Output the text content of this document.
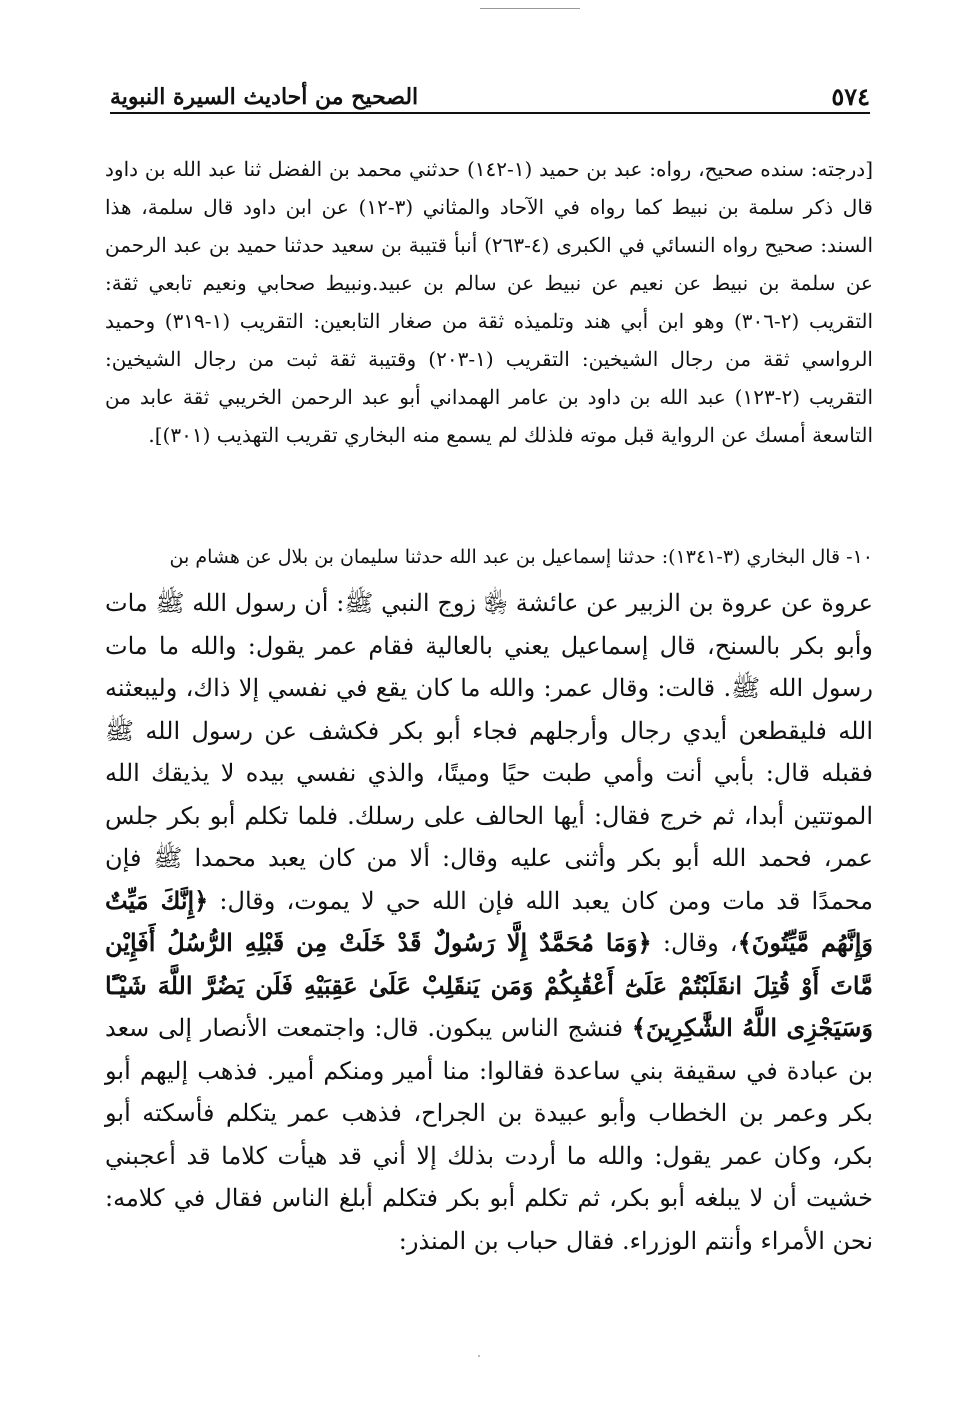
٥٧٤
الصحيح من أحاديث السيرة النبوية

[درجته: سنده صحيح، رواه: عبد بن حميد (١-١٤٢) حدثني محمد بن الفضل ثنا عبد الله بن داود قال ذكر سلمة بن نبيط كما رواه في الآحاد والمثاني (٣-١٢) عن ابن داود قال سلمة، هذا السند: صحيح رواه النسائي في الكبرى (٤-٢٦٣) أنبأ قتيبة بن سعيد حدثنا حميد بن عبد الرحمن عن سلمة بن نبيط عن نعيم عن نبيط عن سالم بن عبيد.ونبيط صحابي ونعيم تابعي ثقة: التقريب (٢-٣٠٦) وهو ابن أبي هند وتلميذه ثقة من صغار التابعين: التقريب (١-٣١٩) وحميد الرواسي ثقة من رجال الشيخين: التقريب (١-٢٠٣) وقتيبة ثقة ثبت من رجال الشيخين: التقريب (٢-١٢٣) عبد الله بن داود بن عامر الهمداني أبو عبد الرحمن الخريبي ثقة عابد من التاسعة أمسك عن الرواية قبل موته فلذلك لم يسمع منه البخاري تقريب التهذيب (٣٠١)].

١٠- قال البخاري (٣-١٣٤١): حدثنا إسماعيل بن عبد الله حدثنا سليمان بن بلال عن هشام بن

عروة عن عروة بن الزبير عن عائشة ﵂ زوج النبي ﷺ: أن رسول الله ﷺ مات وأبو بكر بالسنح، قال إسماعيل يعني بالعالية فقام عمر يقول: والله ما مات رسول الله ﷺ. قالت: وقال عمر: والله ما كان يقع في نفسي إلا ذاك، وليبعثنه الله فليقطعن أيدي رجال وأرجلهم فجاء أبو بكر فكشف عن رسول الله ﷺ فقبله قال: بأبي أنت وأمي طبت حيًا وميتًا، والذي نفسي بيده لا يذيقك الله الموتتين أبدا، ثم خرج فقال: أيها الحالف على رسلك. فلما تكلم أبو بكر جلس عمر، فحمد الله أبو بكر وأثنى عليه وقال: ألا من كان يعبد محمدا ﷺ فإن محمدًا قد مات ومن كان يعبد الله فإن الله حي لا يموت، وقال: ﴿إِنَّكَ مَيِّتٌ وَإِنَّهُم مَّيِّتُونَ﴾، وقال: ﴿وَمَا مُحَمَّدٌ إِلَّا رَسُولٌ قَدْ خَلَتْ مِن قَبْلِهِ الرُّسُلُ أَفَإِيْن مَّاتَ أَوْ قُتِلَ انقَلَبْتُمْ عَلَىٰٓ أَعْقَٰبِكُمْ وَمَن يَنقَلِبْ عَلَىٰ عَقِبَيْهِ فَلَن يَضُرَّ اللَّهَ شَيْـًٔا وَسَيَجْزِى اللَّهُ الشَّٰكِرِينَ﴾ فنشج الناس يبكون. قال: واجتمعت الأنصار إلى سعد بن عبادة في سقيفة بني ساعدة فقالوا: منا أمير ومنكم أمير. فذهب إليهم أبو بكر وعمر بن الخطاب وأبو عبيدة بن الجراح، فذهب عمر يتكلم فأسكته أبو بكر، وكان عمر يقول: والله ما أردت بذلك إلا أني قد هيأت كلاما قد أعجبني خشيت أن لا يبلغه أبو بكر، ثم تكلم أبو بكر فتكلم أبلغ الناس فقال في كلامه: نحن الأمراء وأنتم الوزراء. فقال حباب بن المنذر:
